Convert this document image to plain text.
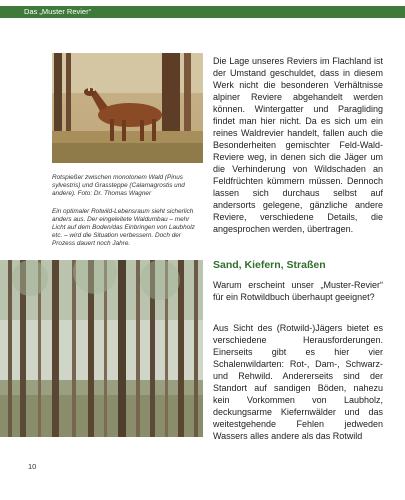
Das „Muster Revier“
Rotspießer zwischen monotonem Wald (Pinus sylvestris) und Grassteppe (Calamagrostis und andere). Foto: Dr. Thomas Wagner
Ein optimaler Rotwild-Lebensraum sieht sicherlich anders aus. Der eingeleitete Waldumbau – mehr Licht auf dem Boden/das Einbringen von Laubholz etc. – wird die Situation verbessern. Doch der Prozess dauert noch Jahre.

Die Lage unseres Reviers im Flachland ist der Umstand geschuldet, dass in diesem Werk nicht die besonderen Verhältnisse alpiner Reviere abgehandelt werden können. Wintergatter und Paragliding findet man hier nicht. Da es sich um ein reines Waldrevier handelt, fallen auch die Besonderheiten gemischter Feld-Wald-Reviere weg, in denen sich die Jäger um die Verhinderung von Wildschaden an Feldfrüchten kümmern müssen. Dennoch lassen sich durchaus selbst auf andersorts gelegene, gänzliche andere Reviere, verschiedene Details, die angesprochen werden, übertragen.

Sand, Kiefern, Straßen

Warum erscheint unser „Muster-Revier“ für ein Rotwildbuch überhaupt geeignet?

Aus Sicht des (Rotwild-)Jägers bietet es verschiedene Herausforderungen. Einerseits gibt es hier vier Schalenwildarten: Rot-, Dam-, Schwarz- und Rehwild. Andererseits sind der Standort auf sandigen Böden, nahezu kein Vorkommen von Laubholz, deckungsarme Kiefernwälder und das weitestgehende Fehlen jedweden Wassers alles andere als das Rotwild

10
